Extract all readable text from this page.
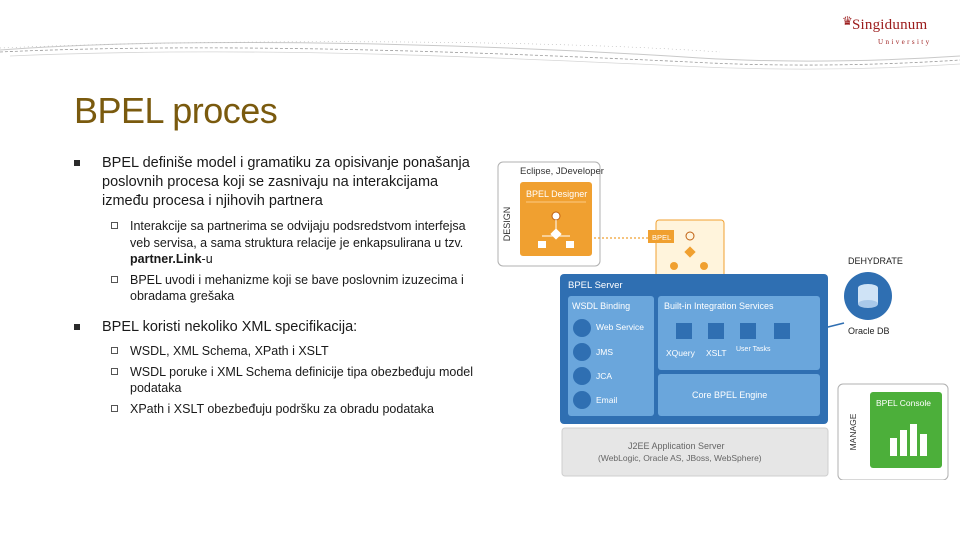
♛ Singidunum
University
BPEL proces
BPEL definiše model i gramatiku za opisivanje ponašanja poslovnih procesa koji se zasnivaju na interakcijama između procesa i njihovih partnera
Interakcije sa partnerima se odvijaju podsredstvom interfejsa veb servisa, a sama struktura relacije je enkapsulirana u tzv. partner.Link-u
BPEL uvodi i mehanizme koji se bave poslovnim izuzecima i obradama grešaka
BPEL koristi nekoliko XML specifikacija:
WSDL, XML Schema, XPath i XSLT
WSDL poruke i XML Schema definicije tipa obezbeđuju model podataka
XPath i XSLT obezbeđuju podršku za obradu podataka
DESIGN
Eclipse, JDeveloper
BPEL Designer
BPEL
DEHYDRATE
Oracle DB
BPEL Server
WSDL Binding
Web Service
JMS
JCA
Email
Built-in Integration Services
XQuery XSLT User Tasks
Core BPEL Engine
J2EE Application Server
(WebLogic, Oracle AS, JBoss, WebSphere)
MANAGE
BPEL Console
